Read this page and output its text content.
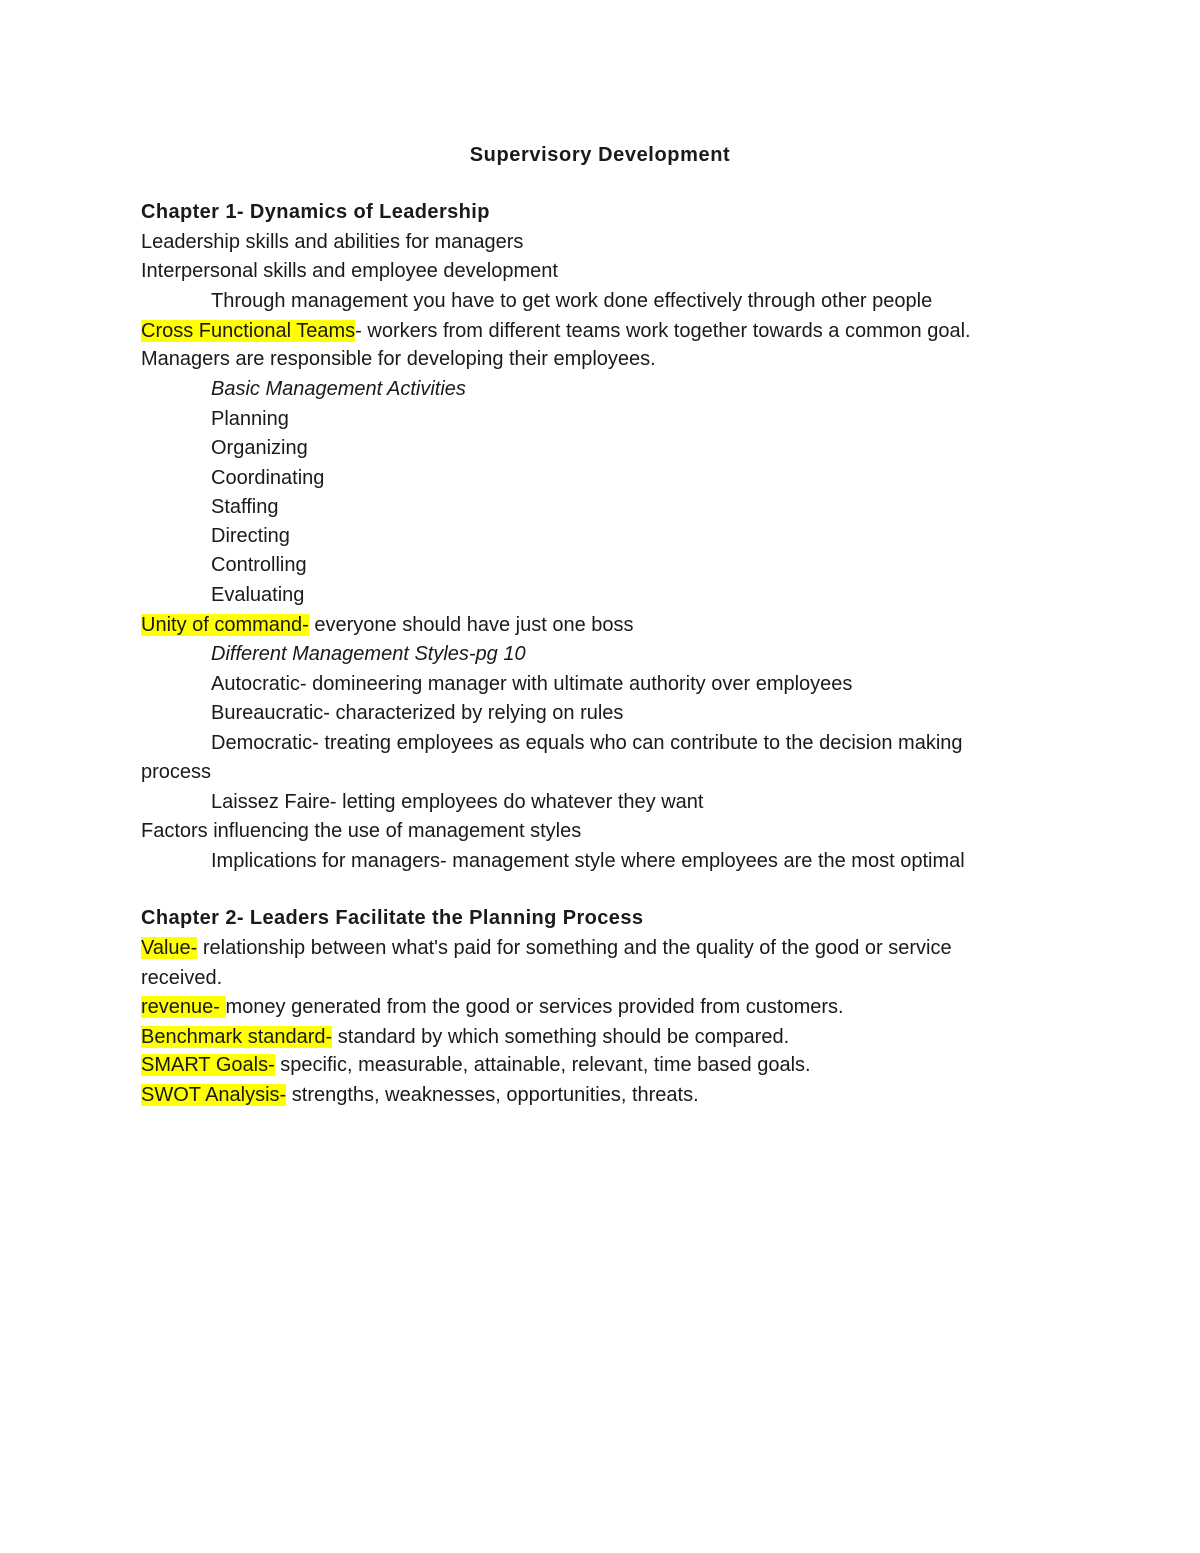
Supervisory Development
Chapter 1- Dynamics of Leadership
Leadership skills and abilities for managers
Interpersonal skills and employee development
Through management you have to get work done effectively through other people
Cross Functional Teams- workers from different teams work together towards a common goal.
Managers are responsible for developing their employees.
Basic Management Activities
Planning
Organizing
Coordinating
Staffing
Directing
Controlling
Evaluating
Unity of command- everyone should have just one boss
Different Management Styles-pg 10
Autocratic- domineering manager with ultimate authority over employees
Bureaucratic- characterized by relying on rules
Democratic- treating employees as equals who can contribute to the decision making
process
Laissez Faire- letting employees do whatever they want
Factors influencing the use of management styles
Implications for managers- management style where employees are the most optimal
Chapter 2- Leaders Facilitate the Planning Process
Value- relationship between what's paid for something and the quality of the good or service
received.
revenue- money generated from the good or services provided from customers.
Benchmark standard- standard by which something should be compared.
SMART Goals- specific, measurable, attainable, relevant, time based goals.
SWOT Analysis- strengths, weaknesses, opportunities, threats.
